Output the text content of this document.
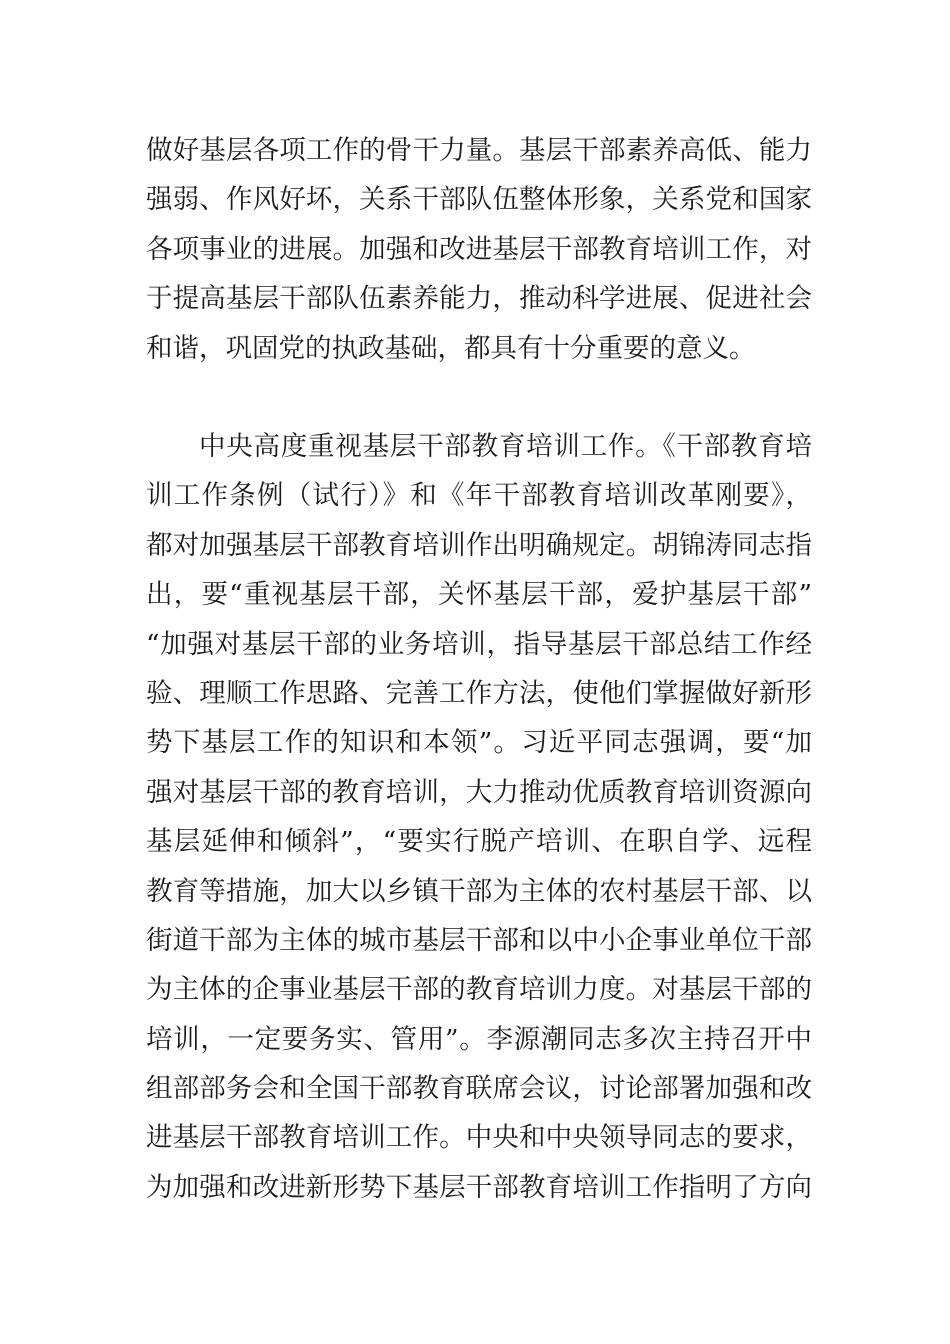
做好基层各项工作的骨干力量。基层干部素养高低、能力
强弱、作风好坏，关系干部队伍整体形象，关系党和国家
各项事业的进展。加强和改进基层干部教育培训工作，对
于提高基层干部队伍素养能力，推动科学进展、促进社会
和谐，巩固党的执政基础，都具有十分重要的意义。
中央高度重视基层干部教育培训工作。《干部教育培
训工作条例（试行）》和《年干部教育培训改革刚要》，
都对加强基层干部教育培训作出明确规定。胡锦涛同志指
出，要“重视基层干部，关怀基层干部，爱护基层干部”
“加强对基层干部的业务培训，指导基层干部总结工作经
验、理顺工作思路、完善工作方法，使他们掌握做好新形
势下基层工作的知识和本领”。习近平同志强调，要“加
强对基层干部的教育培训，大力推动优质教育培训资源向
基层延伸和倾斜”，“要实行脱产培训、在职自学、远程
教育等措施，加大以乡镇干部为主体的农村基层干部、以
街道干部为主体的城市基层干部和以中小企事业单位干部
为主体的企事业基层干部的教育培训力度。对基层干部的
培训，一定要务实、管用”。李源潮同志多次主持召开中
组部部务会和全国干部教育联席会议，讨论部署加强和改
进基层干部教育培训工作。中央和中央领导同志的要求，
为加强和改进新形势下基层干部教育培训工作指明了方向
